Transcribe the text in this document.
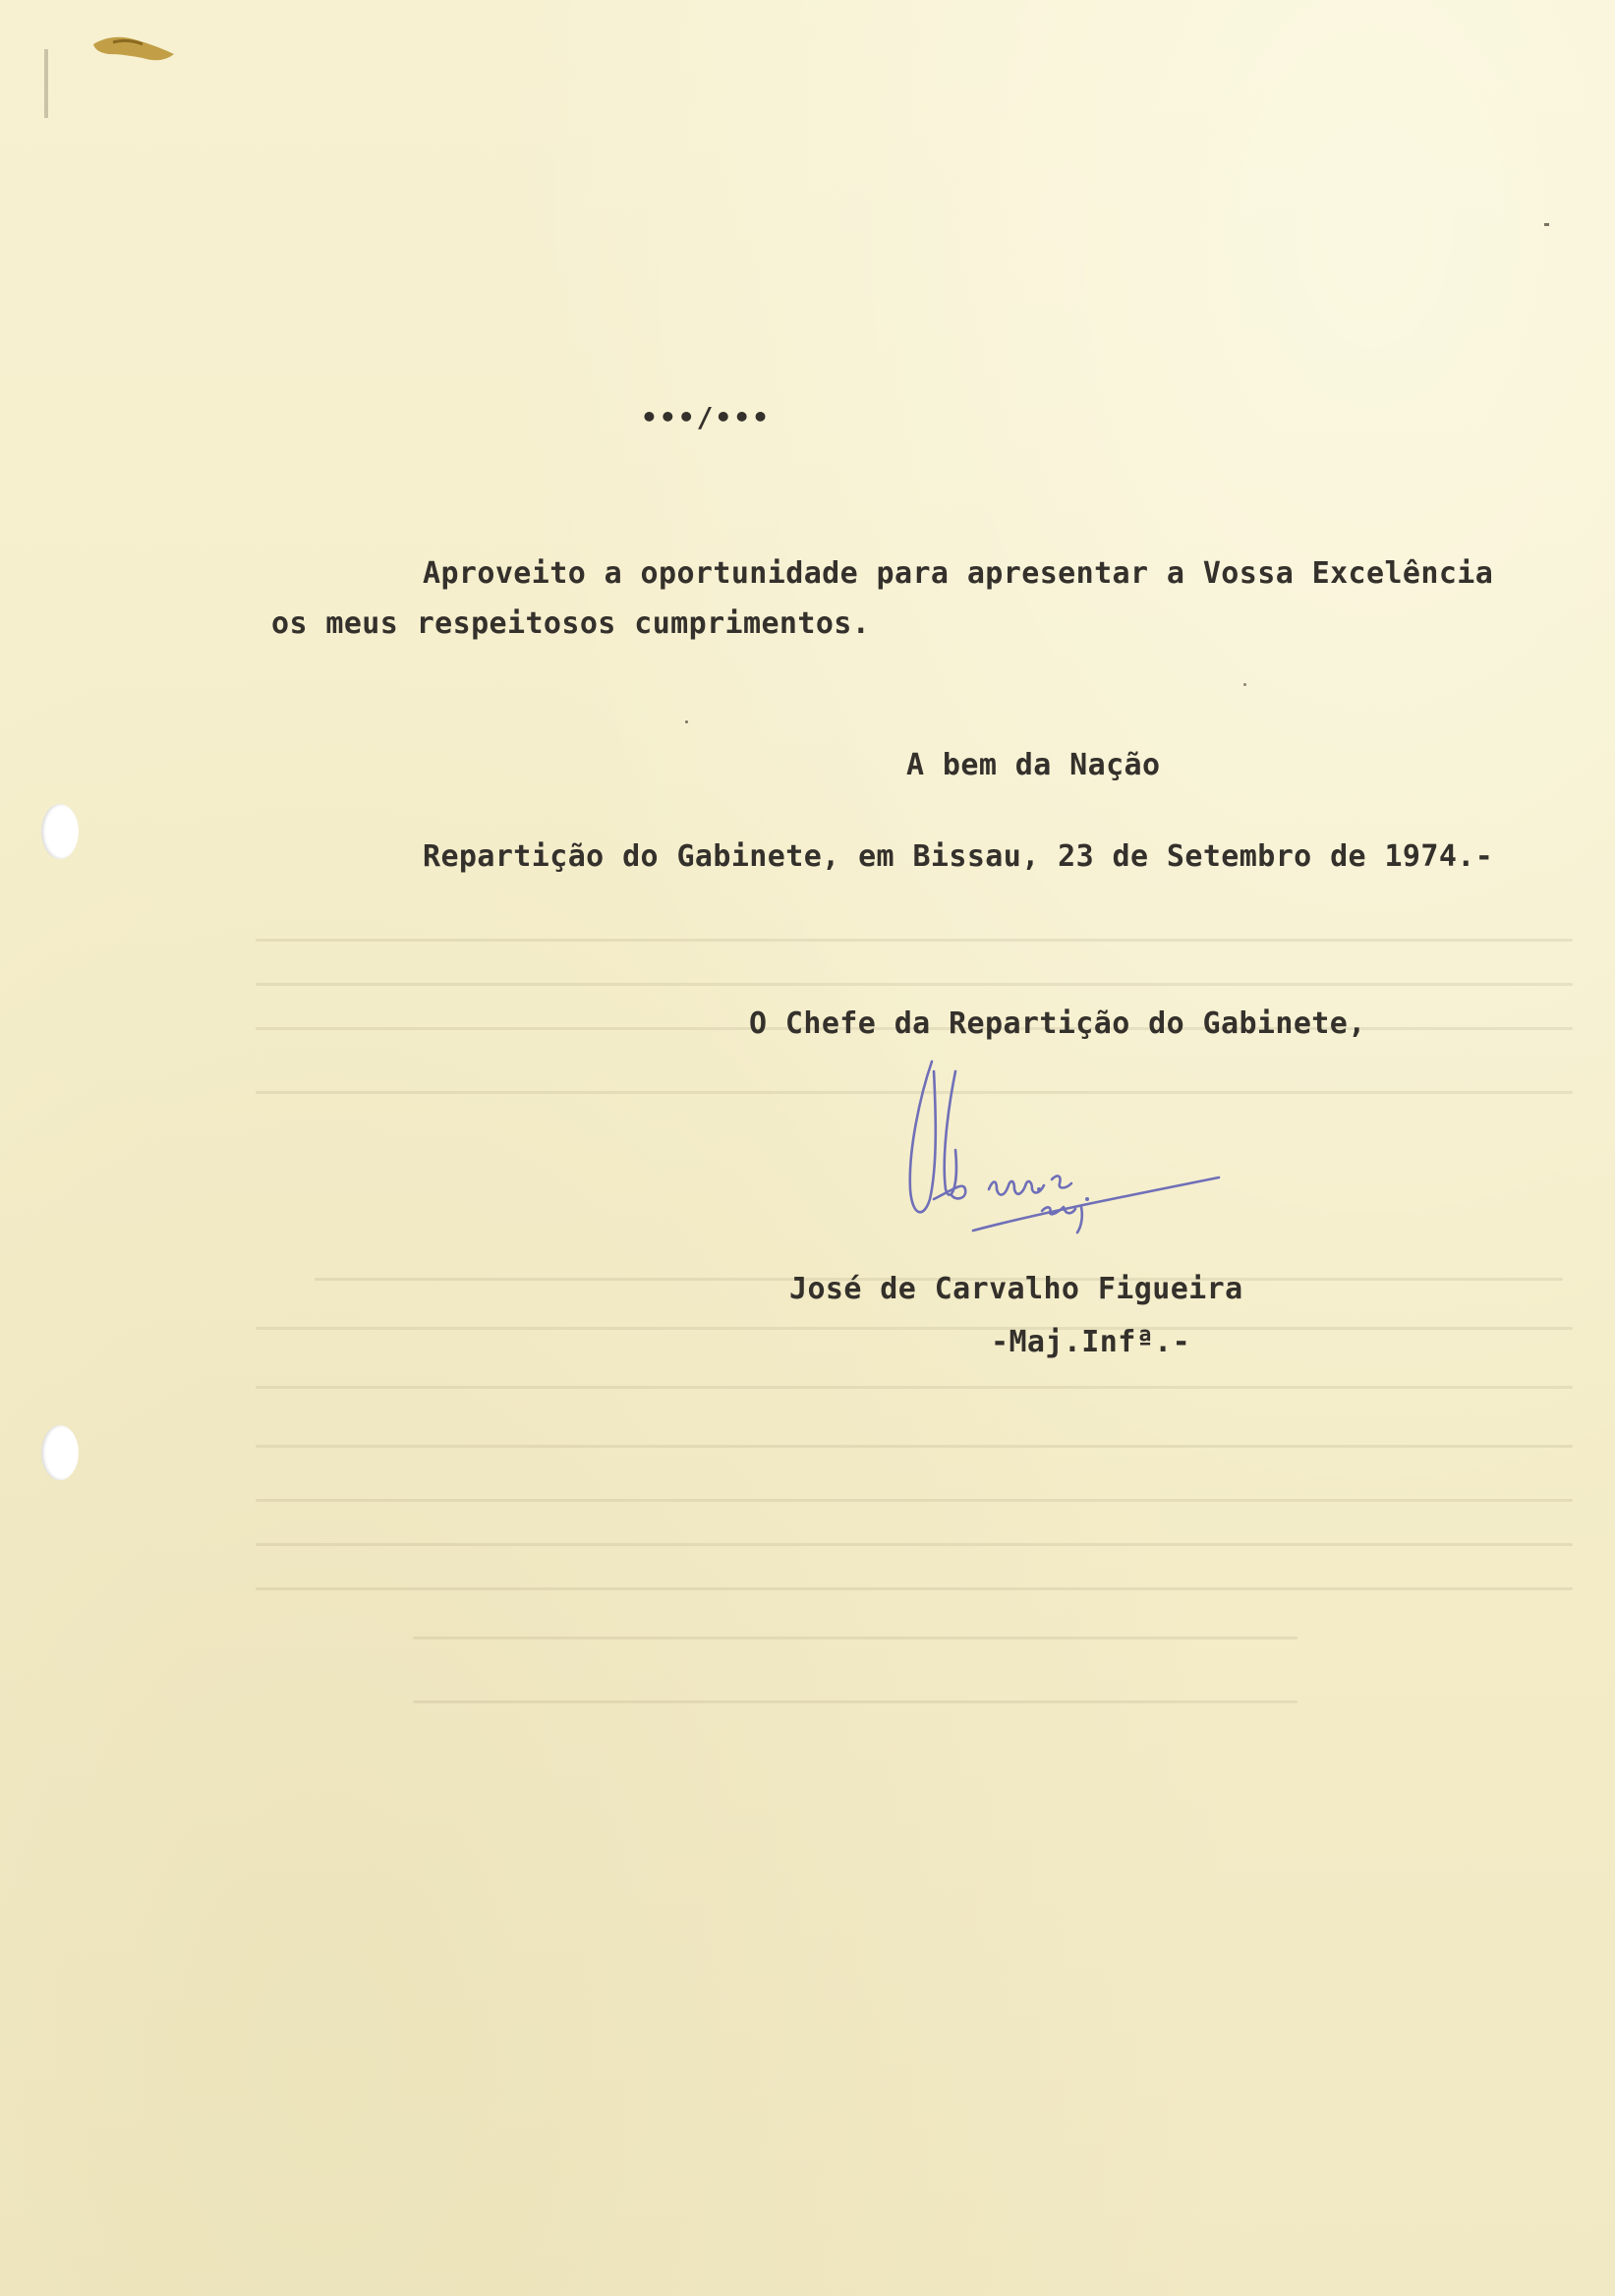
•••/•••

Aproveito a oportunidade para apresentar a Vossa Excelência

os meus respeitosos cumprimentos.

A bem da Nação

Repartição do Gabinete, em Bissau, 23 de Setembro de 1974.-

O Chefe da Repartição do Gabinete,

José de Carvalho Figueira

-Maj.Infª.-
